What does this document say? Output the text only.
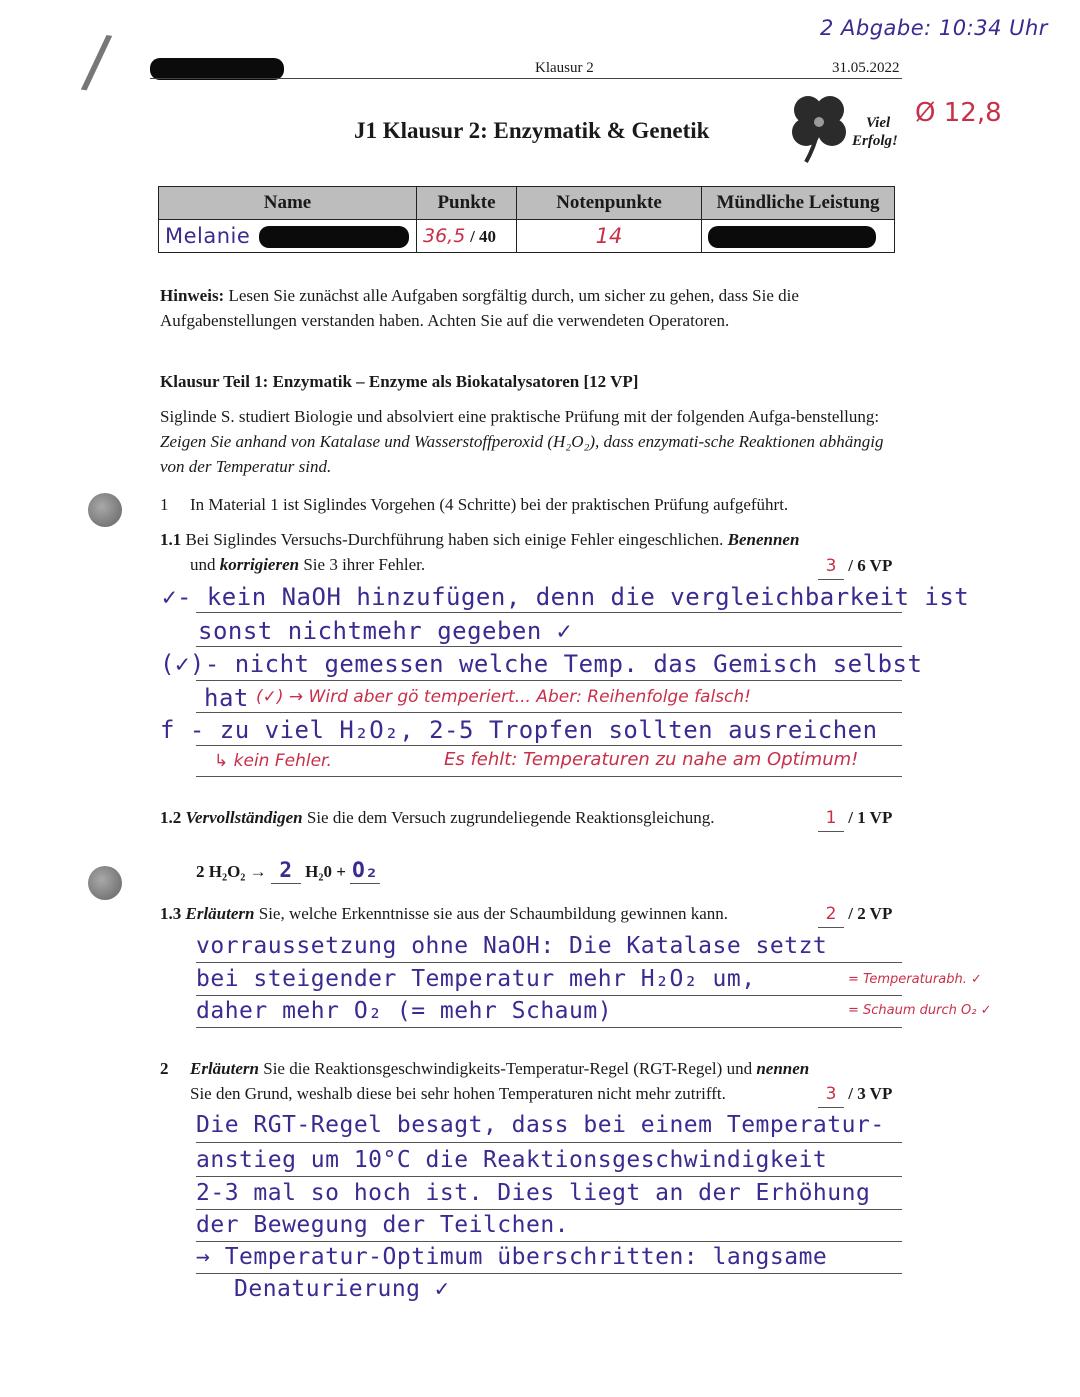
/	2 Abgabe: 10:34 Uhr
Klausur 2	31.05.2022
J1 Klausur 2: Enzymatik & Genetik	Viel
Erfolg!
Ø 12,8
Name	Punkte	Notenpunkte	Mündliche Leistung
Melanie	36,5 / 40	14	
Hinweis: Lesen Sie zunächst alle Aufgaben sorgfältig durch, um sicher zu gehen, dass Sie die Aufgabenstellungen verstanden haben. Achten Sie auf die verwendeten Operatoren.
Klausur Teil 1: Enzymatik – Enzyme als Biokatalysatoren [12 VP]
Siglinde S. studiert Biologie und absolviert eine praktische Prüfung mit der folgenden Aufga-benstellung: Zeigen Sie anhand von Katalase und Wasserstoffperoxid (H₂O₂), dass enzymati-sche Reaktionen abhängig von der Temperatur sind.
1 In Material 1 ist Siglindes Vorgehen (4 Schritte) bei der praktischen Prüfung aufgeführt.
1.1 Bei Siglindes Versuchs-Durchführung haben sich einige Fehler eingeschlichen. Benennen
und korrigieren Sie 3 ihrer Fehler.	3 / 6 VP
✓- kein NaOH hinzufügen, denn die vergleichbarkeit ist
sonst nichtmehr gegeben ✓
(✓)- nicht gemessen welche Temp. das Gemisch selbst
hat (✓) → Wird aber gö temperiert... Aber: Reihenfolge falsch!
f - zu viel H₂O₂, 2-5 Tropfen sollten ausreichen
↳ kein Fehler.	Es fehlt: Temperaturen zu nahe am Optimum!
1.2 Vervollständigen Sie die dem Versuch zugrundeliegende Reaktionsgleichung.	1 / 1 VP
2 H₂O₂ → 2 H₂0 + O₂
1.3 Erläutern Sie, welche Erkenntnisse sie aus der Schaumbildung gewinnen kann.	2 / 2 VP
vorraussetzung ohne NaOH: Die Katalase setzt
bei steigender Temperatur mehr H₂O₂ um,	= Temperaturabh. ✓
daher mehr O₂ (= mehr Schaum)	= Schaum durch O₂ ✓
2 Erläutern Sie die Reaktionsgeschwindigkeits-Temperatur-Regel (RGT-Regel) und nennen
Sie den Grund, weshalb diese bei sehr hohen Temperaturen nicht mehr zutrifft.	3 / 3 VP
Die RGT-Regel besagt, dass bei einem Temperatur-
anstieg um 10°C die Reaktionsgeschwindigkeit
2-3 mal so hoch ist. Dies liegt an der Erhöhung
der Bewegung der Teilchen.
→ Temperatur-Optimum überschritten: langsame
Denaturierung ✓
